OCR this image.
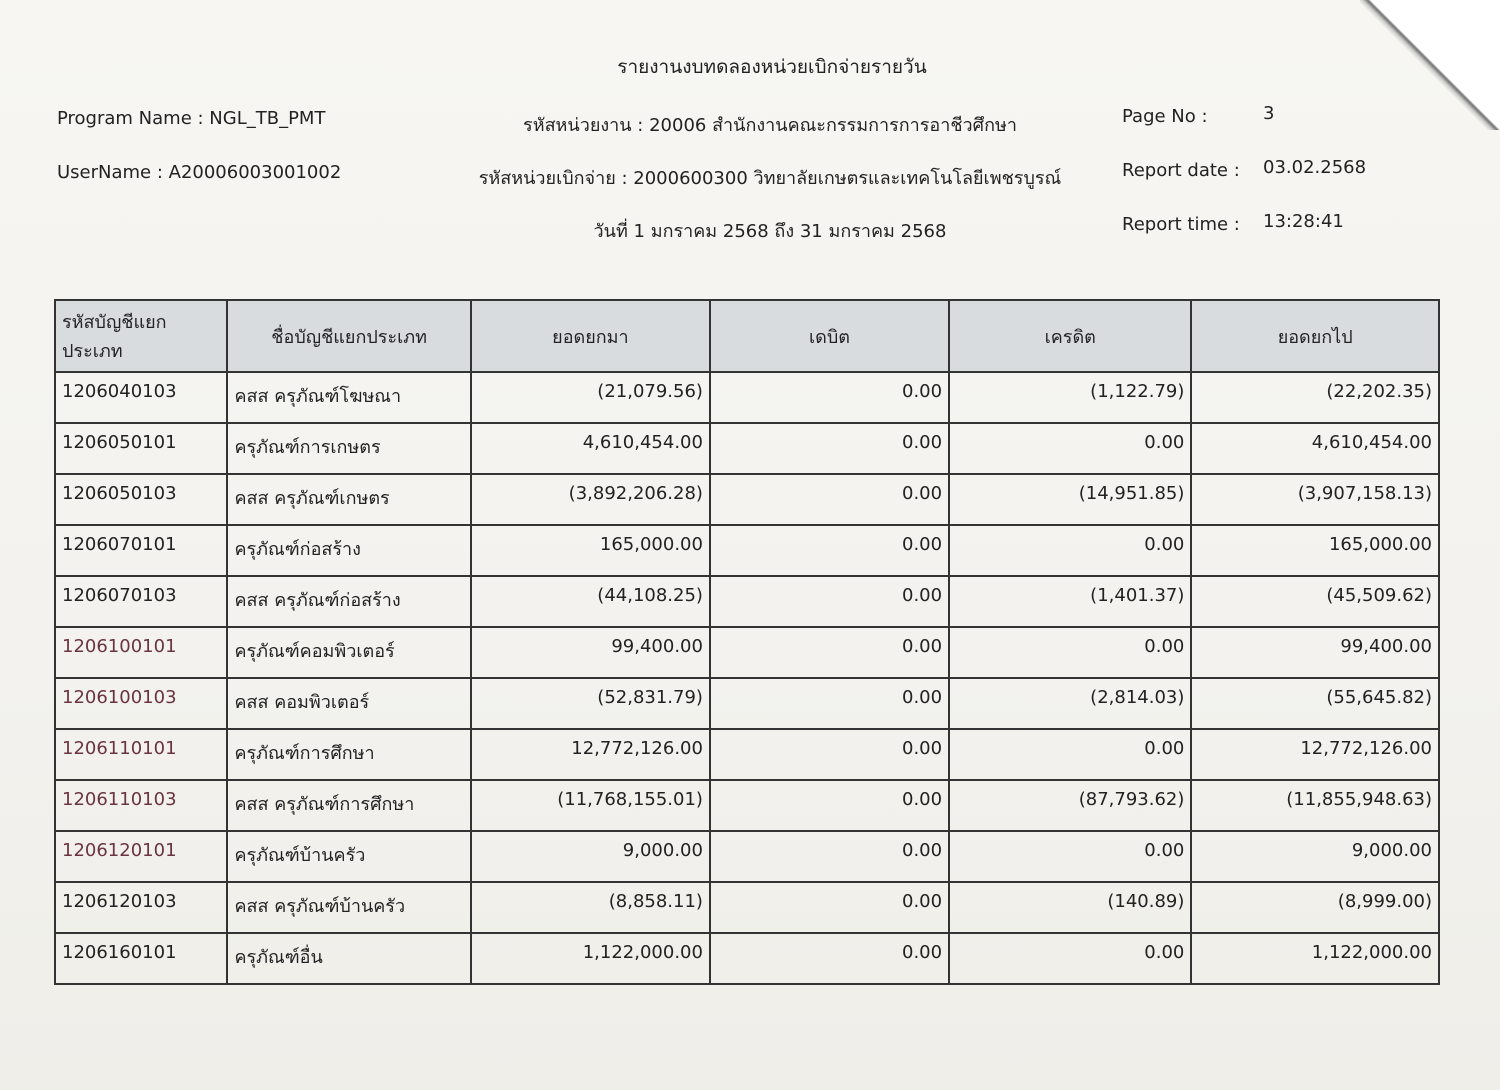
รายงานงบทดลองหน่วยเบิกจ่ายรายวัน
Program Name : NGL_TB_PMT
UserName : A20006003001002
รหัสหน่วยงาน : 20006 สำนักงานคณะกรรมการการอาชีวศึกษา
รหัสหน่วยเบิกจ่าย : 2000600300 วิทยาลัยเกษตรและเทคโนโลยีเพชรบูรณ์
วันที่ 1 มกราคม 2568 ถึง 31 มกราคม 2568
Page No :	3
Report date : 03.02.2568
Report time : 13:28:41
รหัสบัญชีแยกประเภท	ชื่อบัญชีแยกประเภท	ยอดยกมา	เดบิต	เครดิต	ยอดยกไป
1206040103	คสส ครุภัณฑ์โฆษณา	(21,079.56)	0.00	(1,122.79)	(22,202.35)
1206050101	ครุภัณฑ์การเกษตร	4,610,454.00	0.00	0.00	4,610,454.00
1206050103	คสส ครุภัณฑ์เกษตร	(3,892,206.28)	0.00	(14,951.85)	(3,907,158.13)
1206070101	ครุภัณฑ์ก่อสร้าง	165,000.00	0.00	0.00	165,000.00
1206070103	คสส ครุภัณฑ์ก่อสร้าง	(44,108.25)	0.00	(1,401.37)	(45,509.62)
1206100101	ครุภัณฑ์คอมพิวเตอร์	99,400.00	0.00	0.00	99,400.00
1206100103	คสส คอมพิวเตอร์	(52,831.79)	0.00	(2,814.03)	(55,645.82)
1206110101	ครุภัณฑ์การศึกษา	12,772,126.00	0.00	0.00	12,772,126.00
1206110103	คสส ครุภัณฑ์การศึกษา	(11,768,155.01)	0.00	(87,793.62)	(11,855,948.63)
1206120101	ครุภัณฑ์บ้านครัว	9,000.00	0.00	0.00	9,000.00
1206120103	คสส ครุภัณฑ์บ้านครัว	(8,858.11)	0.00	(140.89)	(8,999.00)
1206160101	ครุภัณฑ์อื่น	1,122,000.00	0.00	0.00	1,122,000.00
